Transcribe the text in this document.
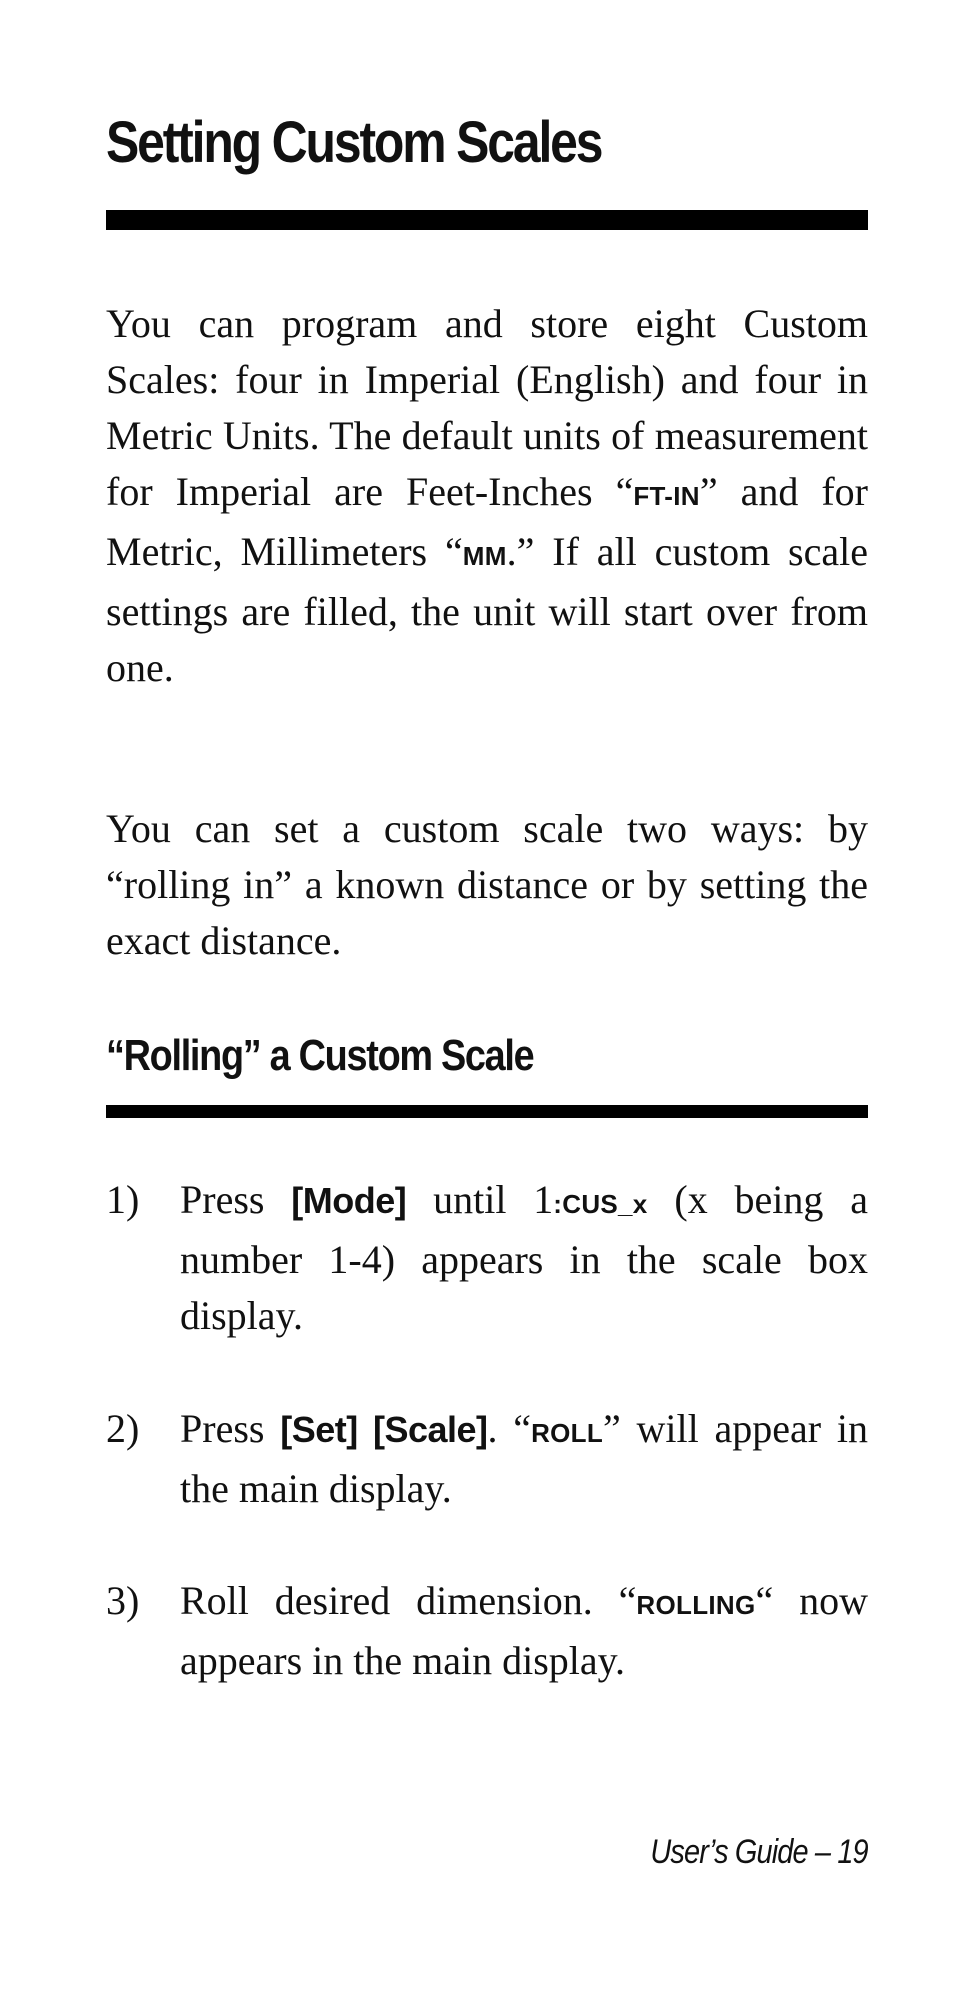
Setting Custom Scales

You can program and store eight Custom Scales: four in Imperial (English) and four in Metric Units. The default units of measurement for Imperial are Feet-Inches “FT-IN” and for Metric, Millimeters “MM.” If all custom scale settings are filled, the unit will start over from one.

You can set a custom scale two ways: by “rolling in” a known distance or by setting the exact distance.

“Rolling” a Custom Scale
1)	Press [Mode] until 1:CUS_x (x being a number 1-4) appears in the scale box display.
2)	Press [Set] [Scale]. “ROLL” will appear in the main display.
3)	Roll desired dimension. “ROLLING“ now appears in the main display.

User’s Guide – 19
